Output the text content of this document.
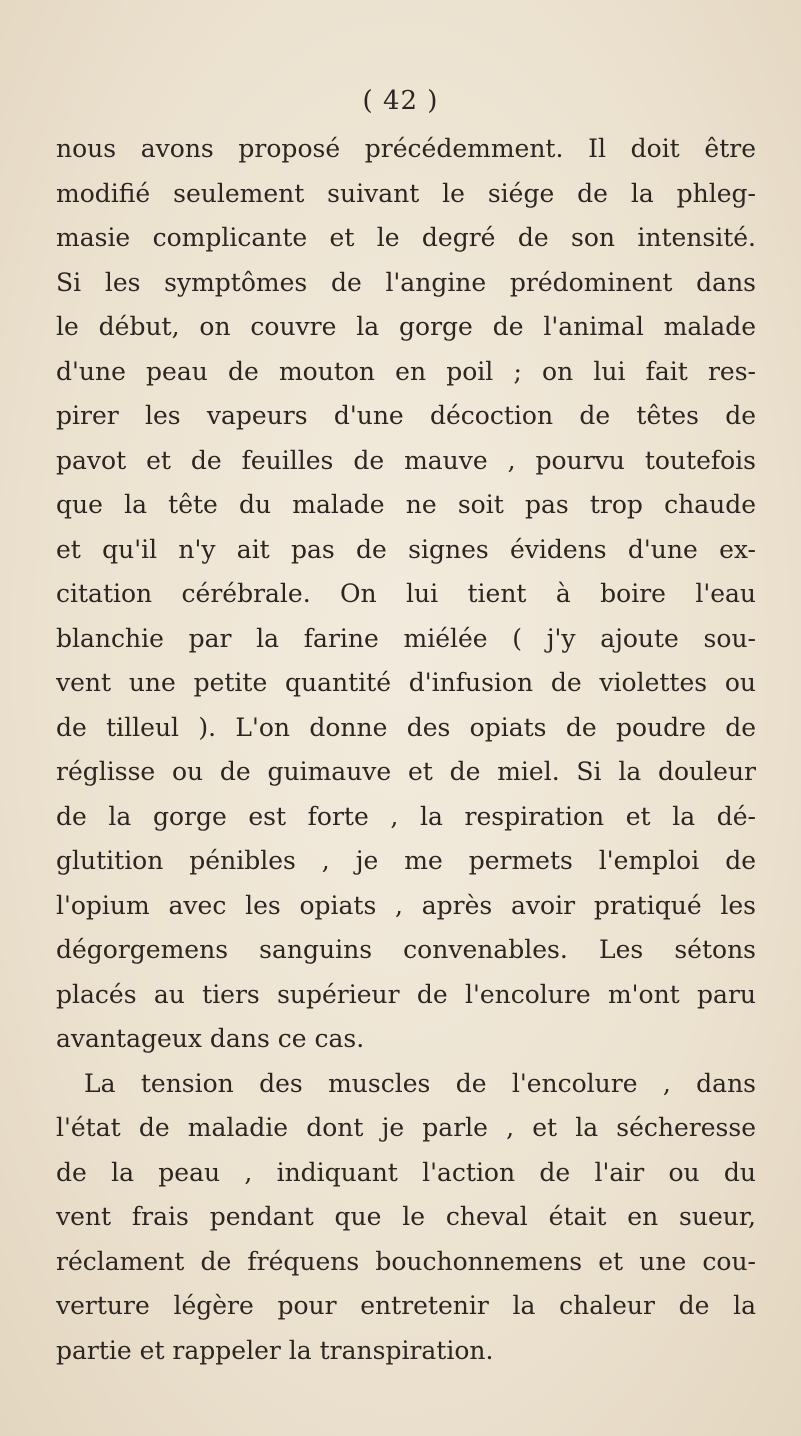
( 42 )
nous avons proposé précédemment. Il doit être
modifié seulement suivant le siége de la phleg-
masie complicante et le degré de son intensité.
Si les symptômes de l'angine prédominent dans
le début, on couvre la gorge de l'animal malade
d'une peau de mouton en poil ; on lui fait res-
pirer les vapeurs d'une décoction de têtes de
pavot et de feuilles de mauve , pourvu toutefois
que la tête du malade ne soit pas trop chaude
et qu'il n'y ait pas de signes évidens d'une ex-
citation cérébrale. On lui tient à boire l'eau
blanchie par la farine miélée ( j'y ajoute sou-
vent une petite quantité d'infusion de violettes ou
de tilleul ). L'on donne des opiats de poudre de
réglisse ou de guimauve et de miel. Si la douleur
de la gorge est forte , la respiration et la dé-
glutition pénibles , je me permets l'emploi de
l'opium avec les opiats , après avoir pratiqué les
dégorgemens sanguins convenables. Les sétons
placés au tiers supérieur de l'encolure m'ont paru
avantageux dans ce cas.
La tension des muscles de l'encolure , dans
l'état de maladie dont je parle , et la sécheresse
de la peau , indiquant l'action de l'air ou du
vent frais pendant que le cheval était en sueur,
réclament de fréquens bouchonnemens et une cou-
verture légère pour entretenir la chaleur de la
partie et rappeler la transpiration.
